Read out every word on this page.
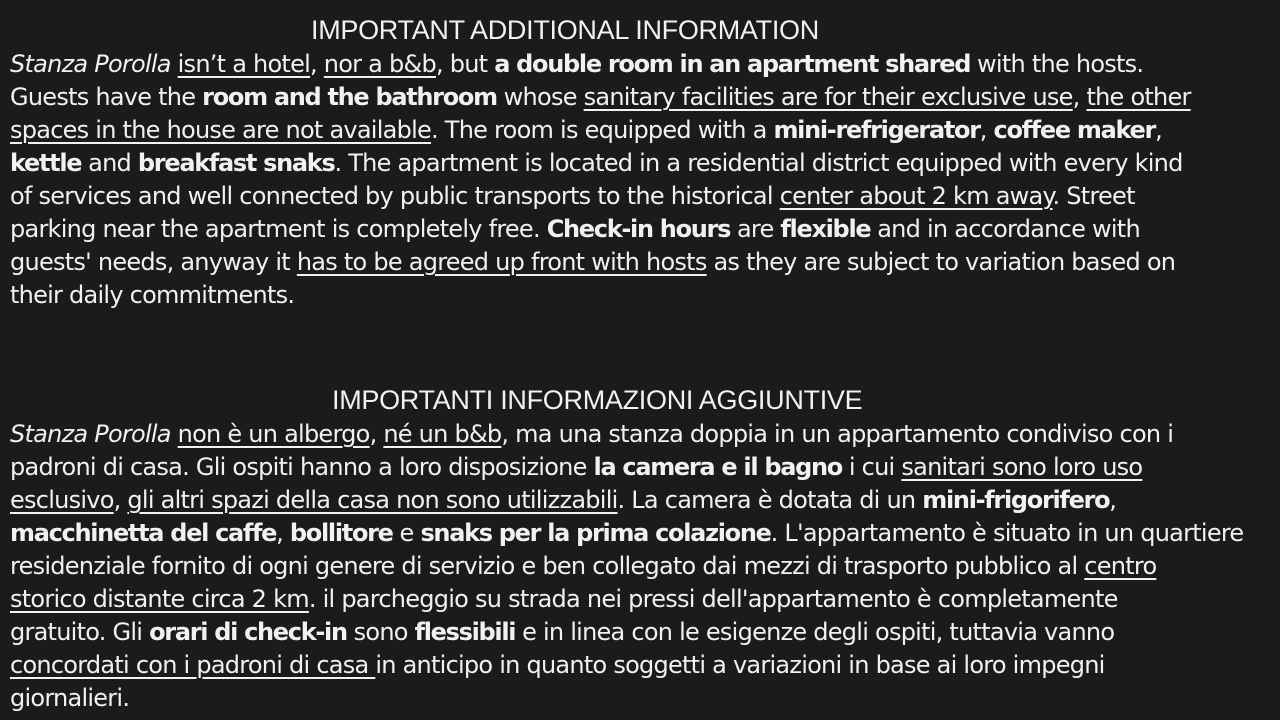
IMPORTANT ADDITIONAL INFORMATION
Stanza Porolla isn’t a hotel, nor a b&b, but a double room in an apartment shared with the hosts.
Guests have the room and the bathroom whose sanitary facilities are for their exclusive use, the other
spaces in the house are not available. The room is equipped with a mini-refrigerator, coffee maker,
kettle and breakfast snaks. The apartment is located in a residential district equipped with every kind
of services and well connected by public transports to the historical center about 2 km away. Street
parking near the apartment is completely free. Check-in hours are flexible and in accordance with
guests' needs, anyway it has to be agreed up front with hosts as they are subject to variation based on
their daily commitments.
IMPORTANTI INFORMAZIONI AGGIUNTIVE
Stanza Porolla non è un albergo, né un b&b, ma una stanza doppia in un appartamento condiviso con i
padroni di casa. Gli ospiti hanno a loro disposizione la camera e il bagno i cui sanitari sono loro uso
esclusivo, gli altri spazi della casa non sono utilizzabili. La camera è dotata di un mini-frigorifero,
macchinetta del caffe, bollitore e snaks per la prima colazione. L'appartamento è situato in un quartiere
residenziale fornito di ogni genere di servizio e ben collegato dai mezzi di trasporto pubblico al centro
storico distante circa 2 km. il parcheggio su strada nei pressi dell'appartamento è completamente
gratuito. Gli orari di check-in sono flessibili e in linea con le esigenze degli ospiti, tuttavia vanno
concordati con i padroni di casa in anticipo in quanto soggetti a variazioni in base ai loro impegni
giornalieri.
